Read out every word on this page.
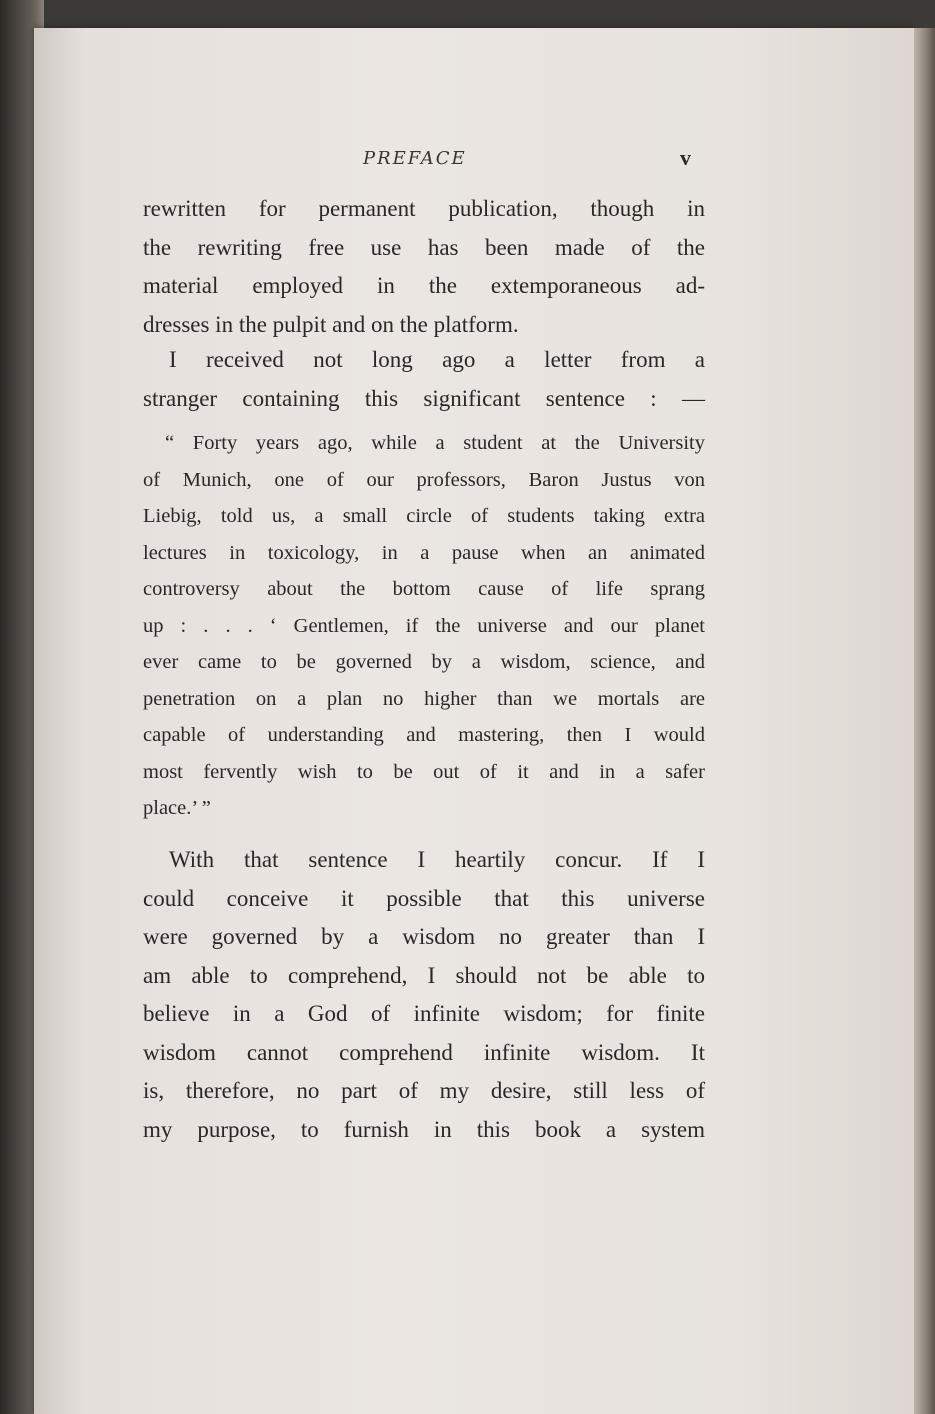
PREFACE	v
rewritten for permanent publication, though in
the rewriting free use has been made of the
material employed in the extemporaneous ad-
dresses in the pulpit and on the platform.
I received not long ago a letter from a
stranger containing this significant sentence : —
“ Forty years ago, while a student at the University
of Munich, one of our professors, Baron Justus von
Liebig, told us, a small circle of students taking extra
lectures in toxicology, in a pause when an animated
controversy about the bottom cause of life sprang
up : . . . ‘ Gentlemen, if the universe and our planet
ever came to be governed by a wisdom, science, and
penetration on a plan no higher than we mortals are
capable of understanding and mastering, then I would
most fervently wish to be out of it and in a safer
place.’ ”
With that sentence I heartily concur. If I
could conceive it possible that this universe
were governed by a wisdom no greater than I
am able to comprehend, I should not be able to
believe in a God of infinite wisdom; for finite
wisdom cannot comprehend infinite wisdom. It
is, therefore, no part of my desire, still less of
my purpose, to furnish in this book a system
